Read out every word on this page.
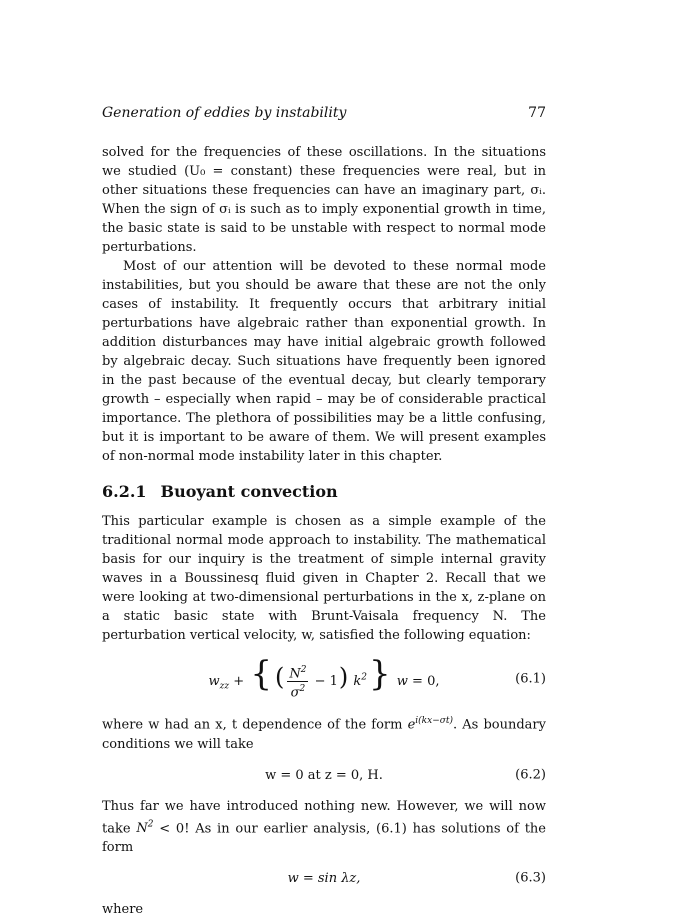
Generation of eddies by instability	77

solved for the frequencies of these oscillations. In the situations we studied (U₀ = constant) these frequencies were real, but in other situations these frequencies can have an imaginary part, σᵢ. When the sign of σᵢ is such as to imply exponential growth in time, the basic state is said to be unstable with respect to normal mode perturbations.

Most of our attention will be devoted to these normal mode instabilities, but you should be aware that these are not the only cases of instability. It frequently occurs that arbitrary initial perturbations have algebraic rather than exponential growth. In addition disturbances may have initial algebraic growth followed by algebraic decay. Such situations have frequently been ignored in the past because of the eventual decay, but clearly temporary growth – especially when rapid – may be of considerable practical importance. The plethora of possibilities may be a little confusing, but it is important to be aware of them. We will present examples of non-normal mode instability later in this chapter.

6.2.1 Buoyant convection

This particular example is chosen as a simple example of the traditional normal mode approach to instability. The mathematical basis for our inquiry is the treatment of simple internal gravity waves in a Boussinesq fluid given in Chapter 2. Recall that we were looking at two-dimensional perturbations in the x, z-plane on a static basic state with Brunt-Vaisala frequency N. The perturbation vertical velocity, w, satisfied the following equation:

$w_{zz}$ + { ( $\frac{N^2}{\sigma^2} - 1$) $k^2$} w = 0,	(6.1)

where w had an x, t dependence of the form $e^{i(kx-\sigma t)}$. As boundary conditions we will take

w = 0 at z = 0, H.	(6.2)

Thus far we have introduced nothing new. However, we will now take $N^2 < 0$! As in our earlier analysis, (6.1) has solutions of the form

w = sin λz,	(6.3)

where
